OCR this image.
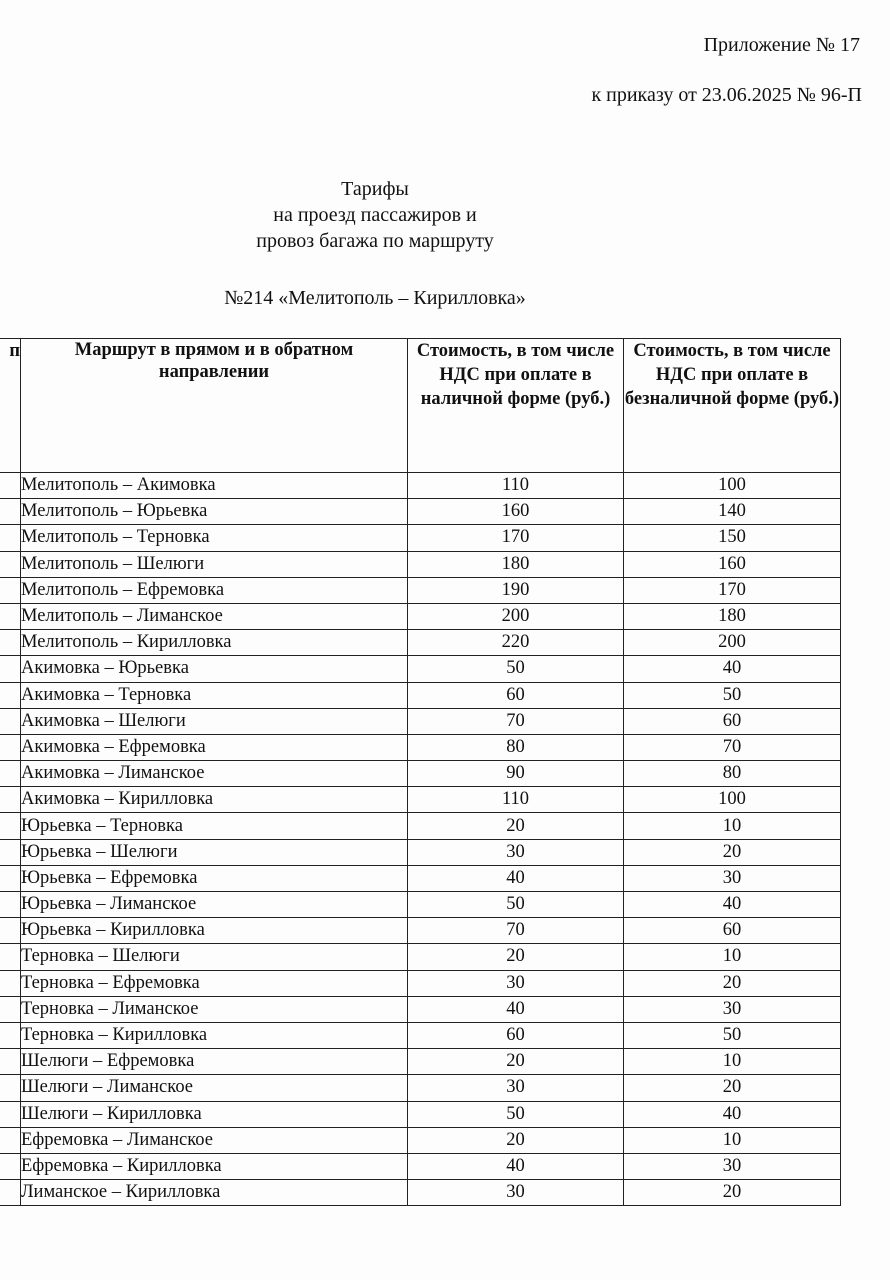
Приложение № 17
к приказу от 23.06.2025 № 96-П
Тарифы
на проезд пассажиров и
провоз багажа по маршруту
№214 «Мелитополь – Кирилловка»
п	Маршрут в прямом и в обратном направлении	Стоимость, в том числе НДС при оплате в наличной форме (руб.)	Стоимость, в том числе НДС при оплате в безналичной форме (руб.)
	Мелитополь – Акимовка	110	100
	Мелитополь – Юрьевка	160	140
	Мелитополь – Терновка	170	150
	Мелитополь – Шелюги	180	160
	Мелитополь – Ефремовка	190	170
	Мелитополь – Лиманское	200	180
	Мелитополь – Кирилловка	220	200
	Акимовка – Юрьевка	50	40
	Акимовка – Терновка	60	50
	Акимовка – Шелюги	70	60
	Акимовка – Ефремовка	80	70
	Акимовка – Лиманское	90	80
	Акимовка – Кирилловка	110	100
	Юрьевка – Терновка	20	10
	Юрьевка – Шелюги	30	20
	Юрьевка – Ефремовка	40	30
	Юрьевка – Лиманское	50	40
	Юрьевка – Кирилловка	70	60
	Терновка – Шелюги	20	10
	Терновка – Ефремовка	30	20
	Терновка – Лиманское	40	30
	Терновка – Кирилловка	60	50
	Шелюги – Ефремовка	20	10
	Шелюги – Лиманское	30	20
	Шелюги – Кирилловка	50	40
	Ефремовка – Лиманское	20	10
	Ефремовка – Кирилловка	40	30
	Лиманское – Кирилловка	30	20
